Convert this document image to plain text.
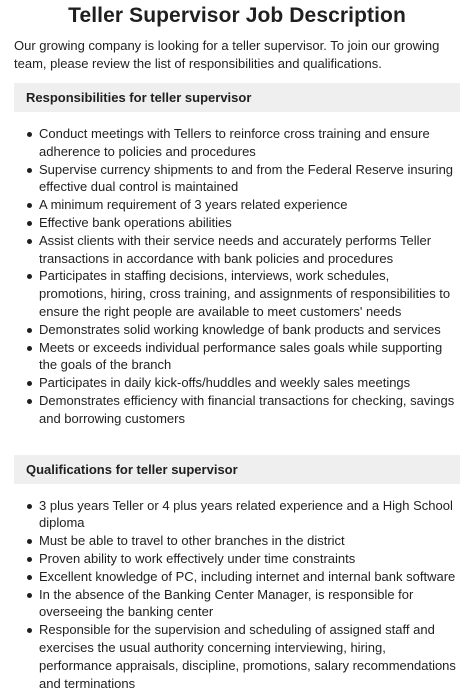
Teller Supervisor Job Description

Our growing company is looking for a teller supervisor. To join our growing team, please review the list of responsibilities and qualifications.

Responsibilities for teller supervisor
Conduct meetings with Tellers to reinforce cross training and ensure adherence to policies and procedures
Supervise currency shipments to and from the Federal Reserve insuring effective dual control is maintained
A minimum requirement of 3 years related experience
Effective bank operations abilities
Assist clients with their service needs and accurately performs Teller transactions in accordance with bank policies and procedures
Participates in staffing decisions, interviews, work schedules, promotions, hiring, cross training, and assignments of responsibilities to ensure the right people are available to meet customers' needs
Demonstrates solid working knowledge of bank products and services
Meets or exceeds individual performance sales goals while supporting the goals of the branch
Participates in daily kick-offs/huddles and weekly sales meetings
Demonstrates efficiency with financial transactions for checking, savings and borrowing customers
Qualifications for teller supervisor
3 plus years Teller or 4 plus years related experience and a High School diploma
Must be able to travel to other branches in the district
Proven ability to work effectively under time constraints
Excellent knowledge of PC, including internet and internal bank software
In the absence of the Banking Center Manager, is responsible for overseeing the banking center
Responsible for the supervision and scheduling of assigned staff and exercises the usual authority concerning interviewing, hiring, performance appraisals, discipline, promotions, salary recommendations and terminations
